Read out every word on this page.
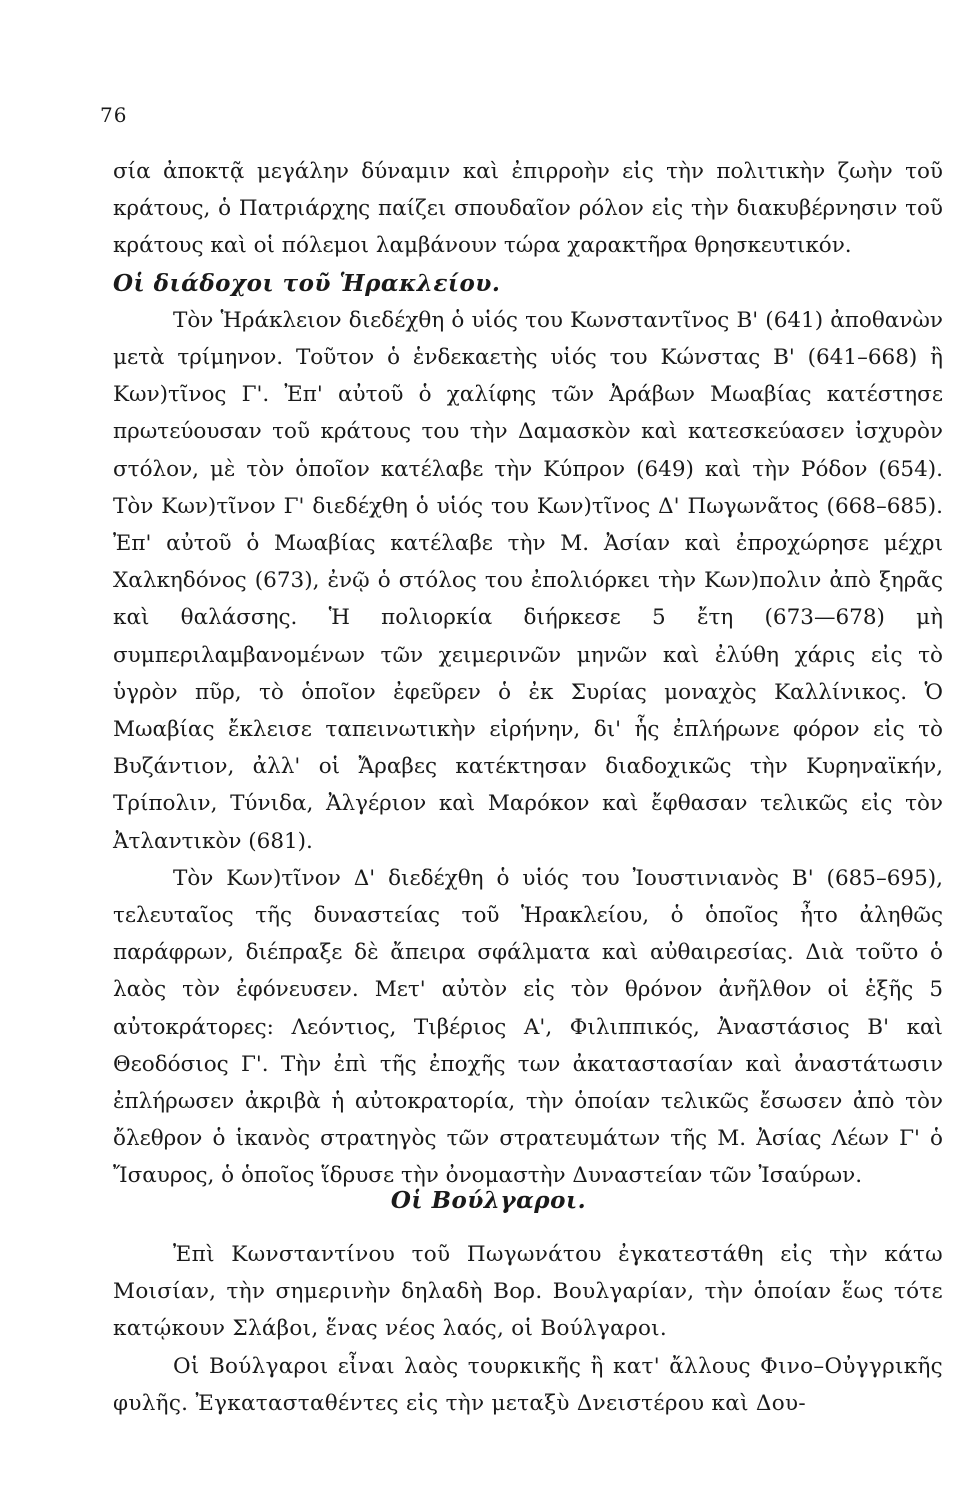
76

σία ἀποκτᾷ μεγάλην δύναμιν καὶ ἐπιρροὴν εἰς τὴν πολιτικὴν ζωὴν τοῦ κράτους, ὁ Πατριάρχης παίζει σπουδαῖον ρόλον εἰς τὴν διακυβέρνησιν τοῦ κράτους καὶ οἱ πόλεμοι λαμβάνουν τώρα χαρακτῆρα θρησκευτικόν.

Οἱ διάδοχοι τοῦ Ἡρακλείου.

Τὸν Ἡράκλειον διεδέχθη ὁ υἱός του Κωνσταντῖνος Β' (641) ἀποθανὼν μετὰ τρίμηνον. Τοῦτον ὁ ἑνδεκαετὴς υἱός του Κώνστας Β' (641–668) ἢ Κων)τῖνος Γ'. Ἐπ' αὐτοῦ ὁ χαλίφης τῶν Ἀράβων Μωαβίας κατέστησε πρωτεύουσαν τοῦ κράτους του τὴν Δαμασκὸν καὶ κατεσκεύασεν ἰσχυρὸν στόλον, μὲ τὸν ὁποῖον κατέλαβε τὴν Κύπρον (649) καὶ τὴν Ρόδον (654). Τὸν Κων)τῖνον Γ' διεδέχθη ὁ υἱός του Κων)τῖνος Δ' Πωγωνᾶτος (668–685). Ἐπ' αὐτοῦ ὁ Μωαβίας κατέλαβε τὴν Μ. Ἀσίαν καὶ ἐπροχώρησε μέχρι Χαλκηδόνος (673), ἐνῷ ὁ στόλος του ἐπολιόρκει τὴν Κων)πολιν ἀπὸ ξηρᾶς καὶ θαλάσσης. Ἡ πολιορκία διήρκεσε 5 ἔτη (673—678) μὴ συμπεριλαμβανομένων τῶν χειμερινῶν μηνῶν καὶ ἐλύθη χάρις εἰς τὸ ὑγρὸν πῦρ, τὸ ὁποῖον ἐφεῦρεν ὁ ἐκ Συρίας μοναχὸς Καλλίνικος. Ὁ Μωαβίας ἔκλεισε ταπεινωτικὴν εἰρήνην, δι' ἧς ἐπλήρωνε φόρον εἰς τὸ Βυζάντιον, ἀλλ' οἱ Ἄραβες κατέκτησαν διαδοχικῶς τὴν Κυρηναϊκήν, Τρίπολιν, Τύνιδα, Ἀλγέριον καὶ Μαρόκον καὶ ἔφθασαν τελικῶς εἰς τὸν Ἀτλαντικὸν (681).

Τὸν Κων)τῖνον Δ' διεδέχθη ὁ υἱός του Ἰουστινιανὸς Β' (685–695), τελευταῖος τῆς δυναστείας τοῦ Ἡρακλείου, ὁ ὁποῖος ἦτο ἀληθῶς παράφρων, διέπραξε δὲ ἄπειρα σφάλματα καὶ αὐθαιρεσίας. Διὰ τοῦτο ὁ λαὸς τὸν ἐφόνευσεν. Μετ' αὐτὸν εἰς τὸν θρόνον ἀνῆλθον οἱ ἑξῆς 5 αὐτοκράτορες: Λεόντιος, Τιβέριος Α', Φιλιππικός, Ἀναστάσιος Β' καὶ Θεοδόσιος Γ'. Τὴν ἐπὶ τῆς ἐποχῆς των ἀκαταστασίαν καὶ ἀναστάτωσιν ἐπλήρωσεν ἀκριβὰ ἡ αὐτοκρατορία, τὴν ὁποίαν τελικῶς ἔσωσεν ἀπὸ τὸν ὄλεθρον ὁ ἱκανὸς στρατηγὸς τῶν στρατευμάτων τῆς Μ. Ἀσίας Λέων Γ' ὁ Ἴσαυρος, ὁ ὁποῖος ἵδρυσε τὴν ὀνομαστὴν Δυναστείαν τῶν Ἰσαύρων.

Οἱ Βούλγαροι.

Ἐπὶ Κωνσταντίνου τοῦ Πωγωνάτου ἐγκατεστάθη εἰς τὴν κάτω Μοισίαν, τὴν σημερινὴν δηλαδὴ Βορ. Βουλγαρίαν, τὴν ὁποίαν ἕως τότε κατῴκουν Σλάβοι, ἕνας νέος λαός, οἱ Βούλγαροι.

Οἱ Βούλγαροι εἶναι λαὸς τουρκικῆς ἢ κατ' ἄλλους Φινο–Οὐγγρικῆς φυλῆς. Ἐγκατασταθέντες εἰς τὴν μεταξὺ Δνειστέρου καὶ Δου-
